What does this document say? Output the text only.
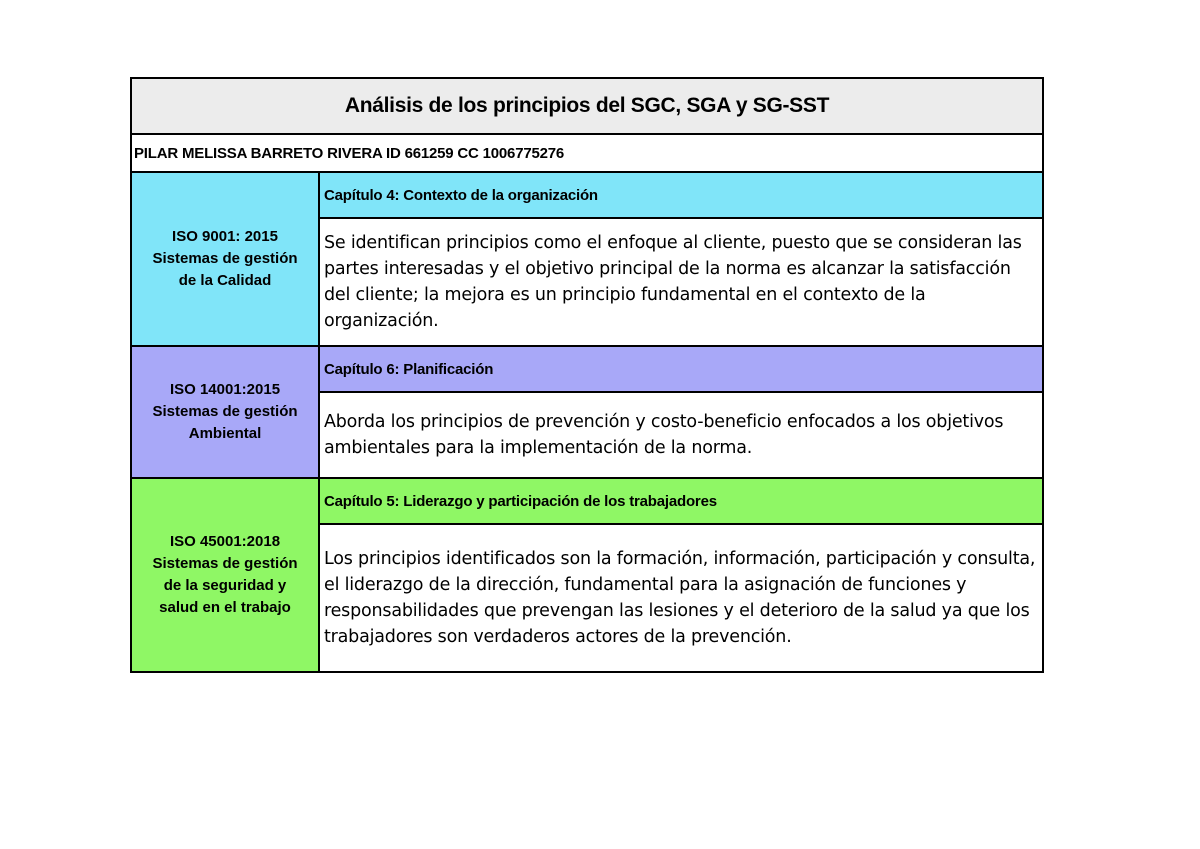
Análisis de los principios del SGC, SGA y SG-SST	
PILAR MELISSA BARRETO RIVERA ID 661259 CC 1006775276	

ISO 9001: 2015
Sistemas de gestión
de la Calidad	Capítulo 4: Contexto de la organización
	Se identifican principios como el enfoque al cliente, puesto que se consideran las partes interesadas y el objetivo principal de la norma es alcanzar la satisfacción del cliente; la mejora es un principio fundamental en el contexto de la organización.

ISO 14001:2015
Sistemas de gestión
Ambiental	Capítulo 6: Planificación
	Aborda los principios de prevención y costo-beneficio enfocados a los objetivos ambientales para la implementación de la norma.

ISO 45001:2018
Sistemas de gestión
de la seguridad y
salud en el trabajo	Capítulo 5: Liderazgo y participación de los trabajadores
	Los principios identificados son la formación, información, participación y consulta, el liderazgo de la dirección, fundamental para la asignación de funciones y responsabilidades que prevengan las lesiones y el deterioro de la salud ya que los trabajadores son verdaderos actores de la prevención.
